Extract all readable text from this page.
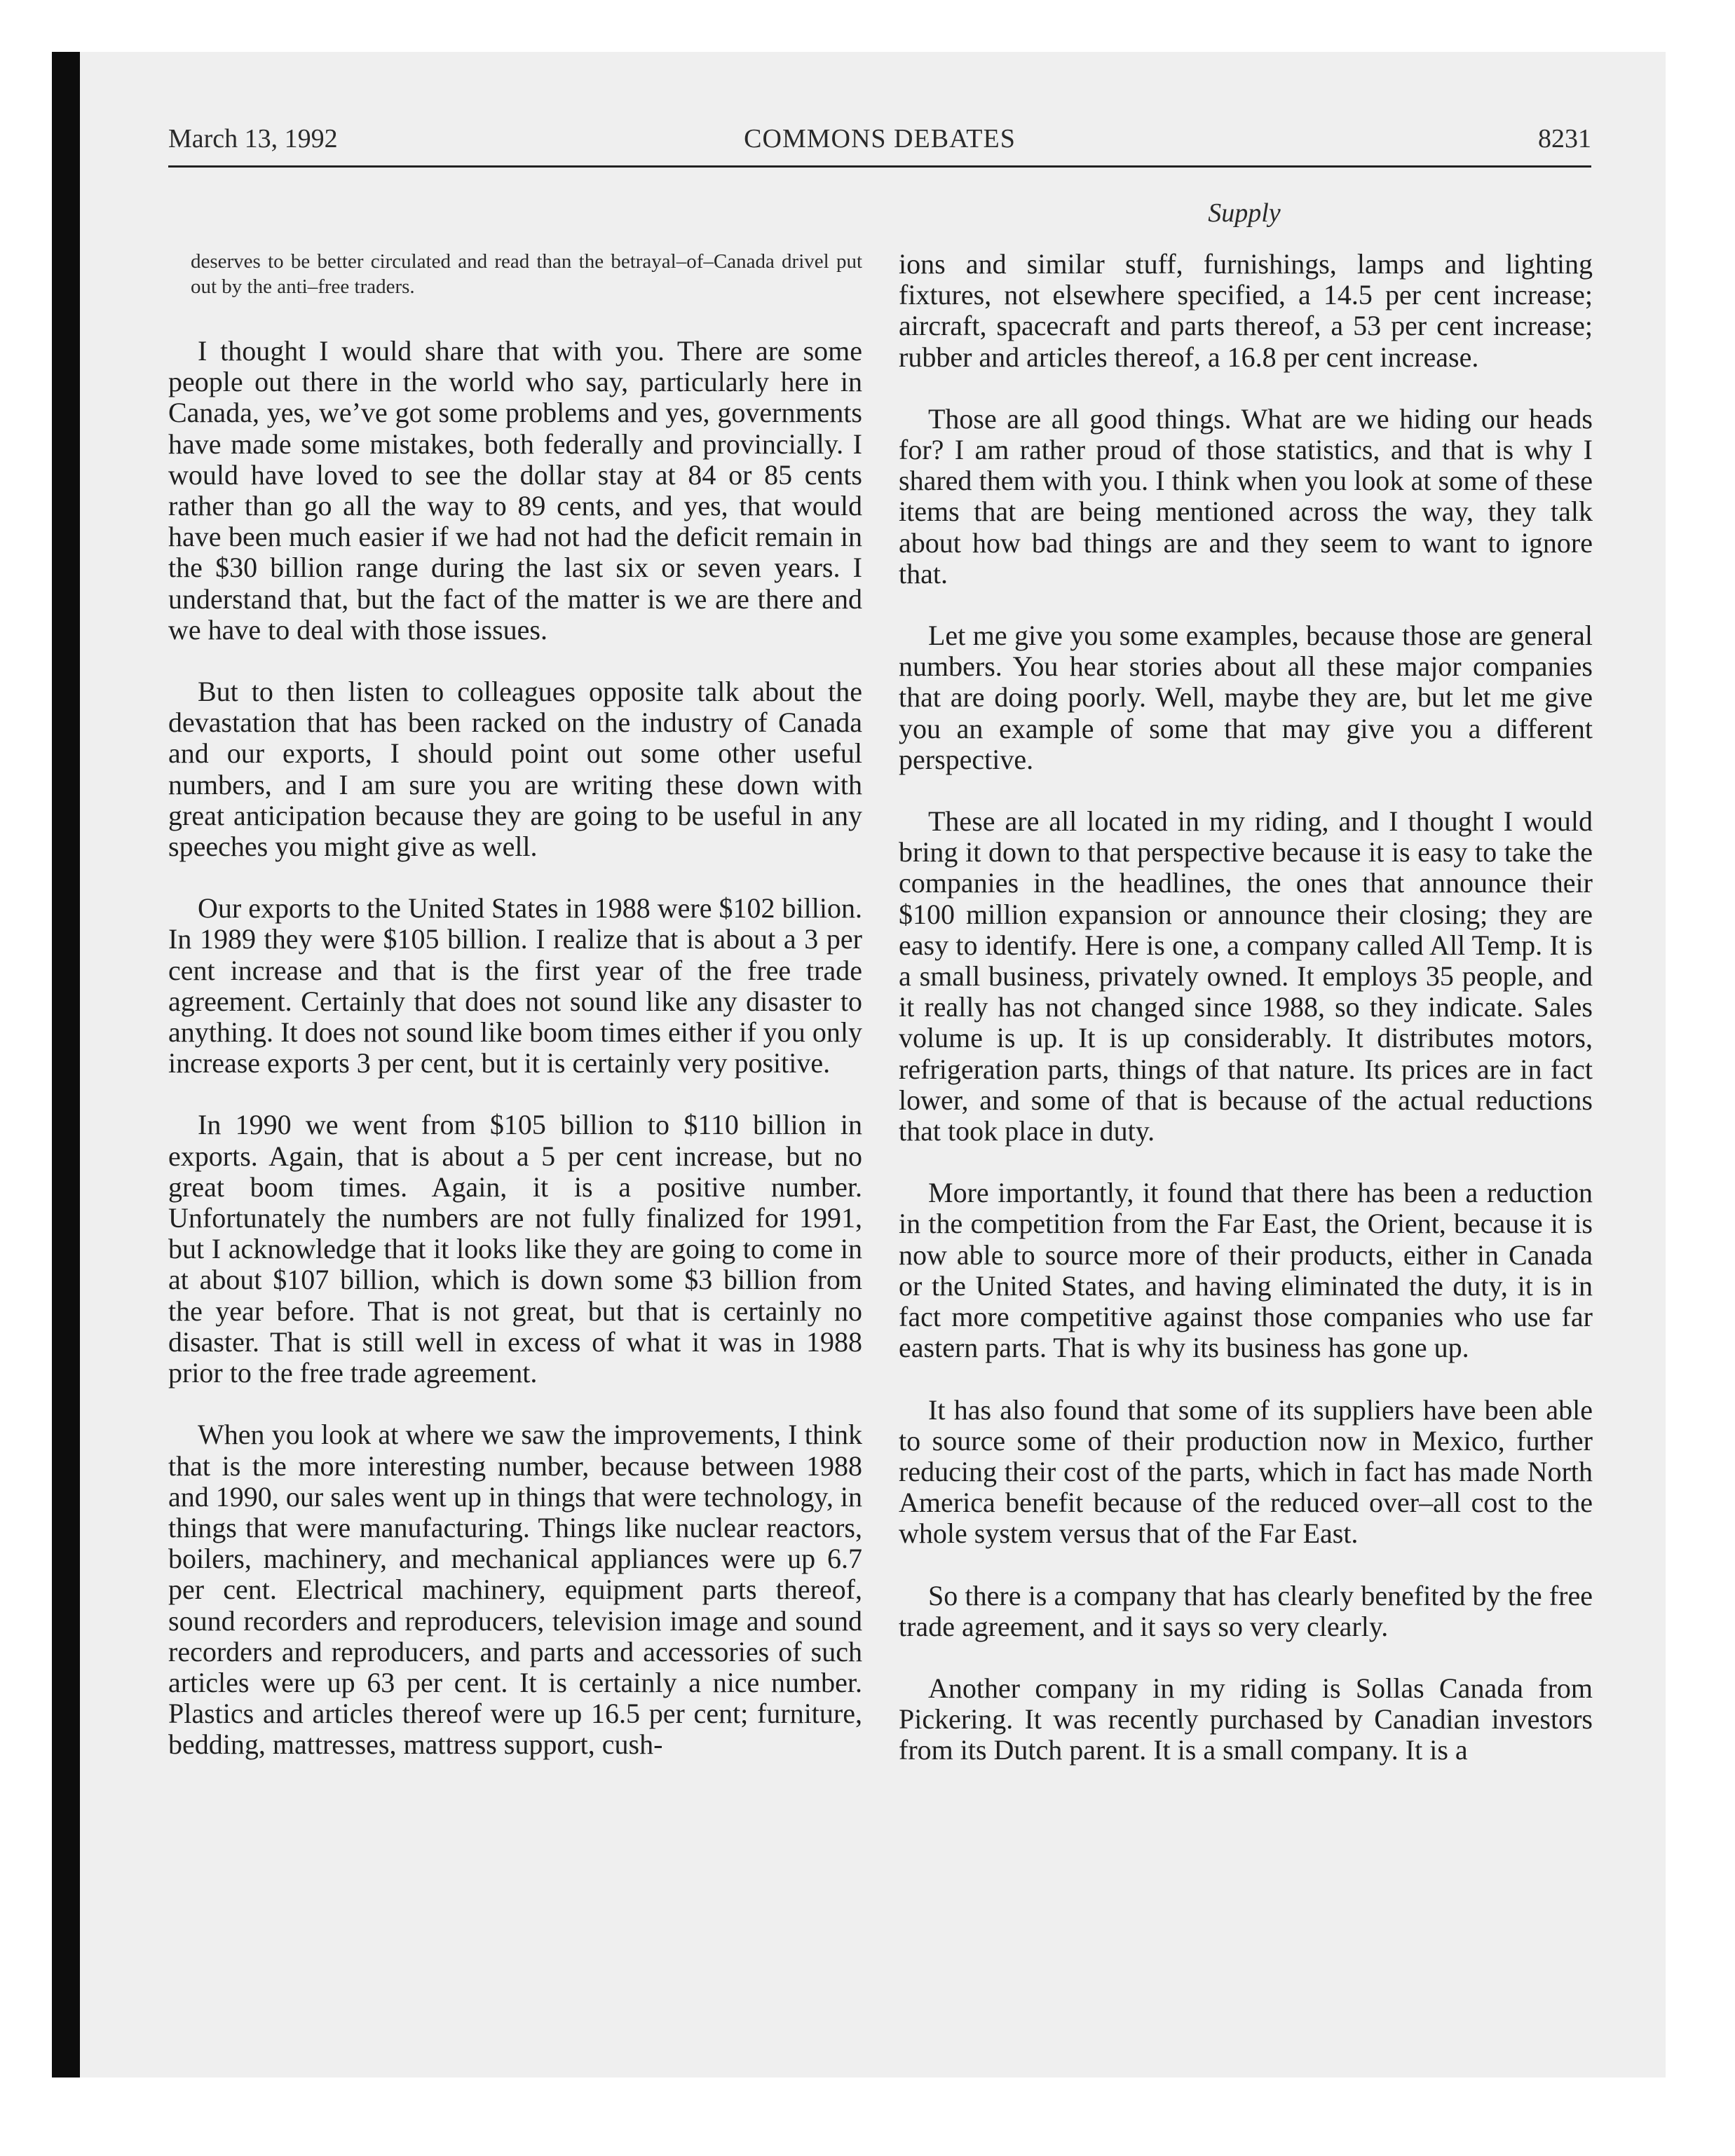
March 13, 1992	COMMONS DEBATES	8231
Supply

deserves to be better circulated and read than the betrayal–of–Canada drivel put out by the anti–free traders.

I thought I would share that with you. There are some people out there in the world who say, particularly here in Canada, yes, we’ve got some problems and yes, governments have made some mistakes, both federally and provincially. I would have loved to see the dollar stay at 84 or 85 cents rather than go all the way to 89 cents, and yes, that would have been much easier if we had not had the deficit remain in the $30 billion range during the last six or seven years. I understand that, but the fact of the matter is we are there and we have to deal with those issues.

But to then listen to colleagues opposite talk about the devastation that has been racked on the industry of Canada and our exports, I should point out some other useful numbers, and I am sure you are writing these down with great anticipation because they are going to be useful in any speeches you might give as well.

Our exports to the United States in 1988 were $102 billion. In 1989 they were $105 billion. I realize that is about a 3 per cent increase and that is the first year of the free trade agreement. Certainly that does not sound like any disaster to anything. It does not sound like boom times either if you only increase exports 3 per cent, but it is certainly very positive.

In 1990 we went from $105 billion to $110 billion in exports. Again, that is about a 5 per cent increase, but no great boom times. Again, it is a positive number. Unfortunately the numbers are not fully finalized for 1991, but I acknowledge that it looks like they are going to come in at about $107 billion, which is down some $3 billion from the year before. That is not great, but that is certainly no disaster. That is still well in excess of what it was in 1988 prior to the free trade agreement.

When you look at where we saw the improvements, I think that is the more interesting number, because between 1988 and 1990, our sales went up in things that were technology, in things that were manufacturing. Things like nuclear reactors, boilers, machinery, and mechanical appliances were up 6.7 per cent. Electrical machinery, equipment parts thereof, sound recorders and reproducers, television image and sound recorders and reproducers, and parts and accessories of such articles were up 63 per cent. It is certainly a nice number. Plastics and articles thereof were up 16.5 per cent; furniture, bedding, mattresses, mattress support, cush-

ions and similar stuff, furnishings, lamps and lighting fixtures, not elsewhere specified, a 14.5 per cent increase; aircraft, spacecraft and parts thereof, a 53 per cent increase; rubber and articles thereof, a 16.8 per cent increase.

Those are all good things. What are we hiding our heads for? I am rather proud of those statistics, and that is why I shared them with you. I think when you look at some of these items that are being mentioned across the way, they talk about how bad things are and they seem to want to ignore that.

Let me give you some examples, because those are general numbers. You hear stories about all these major companies that are doing poorly. Well, maybe they are, but let me give you an example of some that may give you a different perspective.

These are all located in my riding, and I thought I would bring it down to that perspective because it is easy to take the companies in the headlines, the ones that announce their $100 million expansion or announce their closing; they are easy to identify. Here is one, a company called All Temp. It is a small business, privately owned. It employs 35 people, and it really has not changed since 1988, so they indicate. Sales volume is up. It is up considerably. It distributes motors, refrigeration parts, things of that nature. Its prices are in fact lower, and some of that is because of the actual reductions that took place in duty.

More importantly, it found that there has been a reduction in the competition from the Far East, the Orient, because it is now able to source more of their products, either in Canada or the United States, and having eliminated the duty, it is in fact more competitive against those companies who use far eastern parts. That is why its business has gone up.

It has also found that some of its suppliers have been able to source some of their production now in Mexico, further reducing their cost of the parts, which in fact has made North America benefit because of the reduced over–all cost to the whole system versus that of the Far East.

So there is a company that has clearly benefited by the free trade agreement, and it says so very clearly.

Another company in my riding is Sollas Canada from Pickering. It was recently purchased by Canadian investors from its Dutch parent. It is a small company. It is a
